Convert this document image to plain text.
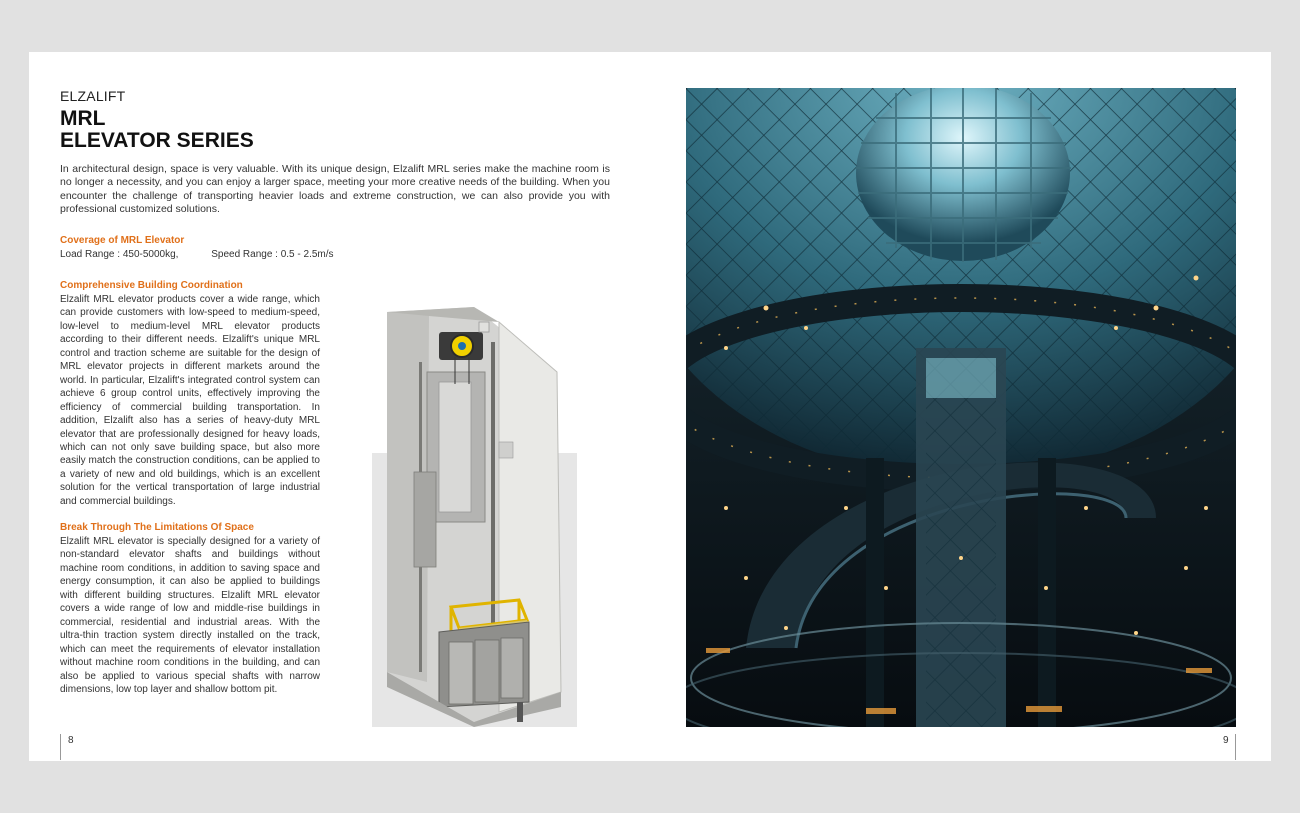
ELZALIFT
MRL
ELEVATOR SERIES
In architectural design, space is very valuable. With its unique design, Elzalift MRL series make the machine room is no longer a necessity, and you can enjoy a larger space, meeting your more creative needs of the building. When you encounter the challenge of transporting heavier loads and extreme construction, we can also provide you with professional customized solutions.
Coverage of MRL Elevator
Load Range : 450-5000kg,	Speed Range : 0.5 - 2.5m/s
Comprehensive Building Coordination
Elzalift MRL elevator products cover a wide range, which can provide customers with low-speed to medium-speed, low-level to medium-level MRL elevator products according to their different needs. Elzalift's unique MRL control and traction scheme are suitable for the design of MRL elevator projects in different markets around the world. In particular, Elzalift's integrated control system can achieve 6 group control units, effectively improving the efficiency of commercial building transportation. In addition, Elzalift also has a series of heavy-duty MRL elevator that are professionally designed for heavy loads, which can not only save building space, but also more easily match the construction conditions, can be applied to a variety of new and old buildings, which is an excellent solution for the vertical transportation of large industrial and commercial buildings.
Break Through The Limitations Of Space
Elzalift MRL elevator is specially designed for a variety of non-standard elevator shafts and buildings without machine room conditions, in addition to saving space and energy consumption, it can also be applied to buildings with different building structures. Elzalift MRL elevator covers a wide range of low and middle-rise buildings in commercial, residential and industrial areas. With the ultra-thin traction system directly installed on the track, which can meet the requirements of elevator installation without machine room conditions in the building, and can also be applied to various special shafts with narrow dimensions, low top layer and shallow bottom pit.
8	9
